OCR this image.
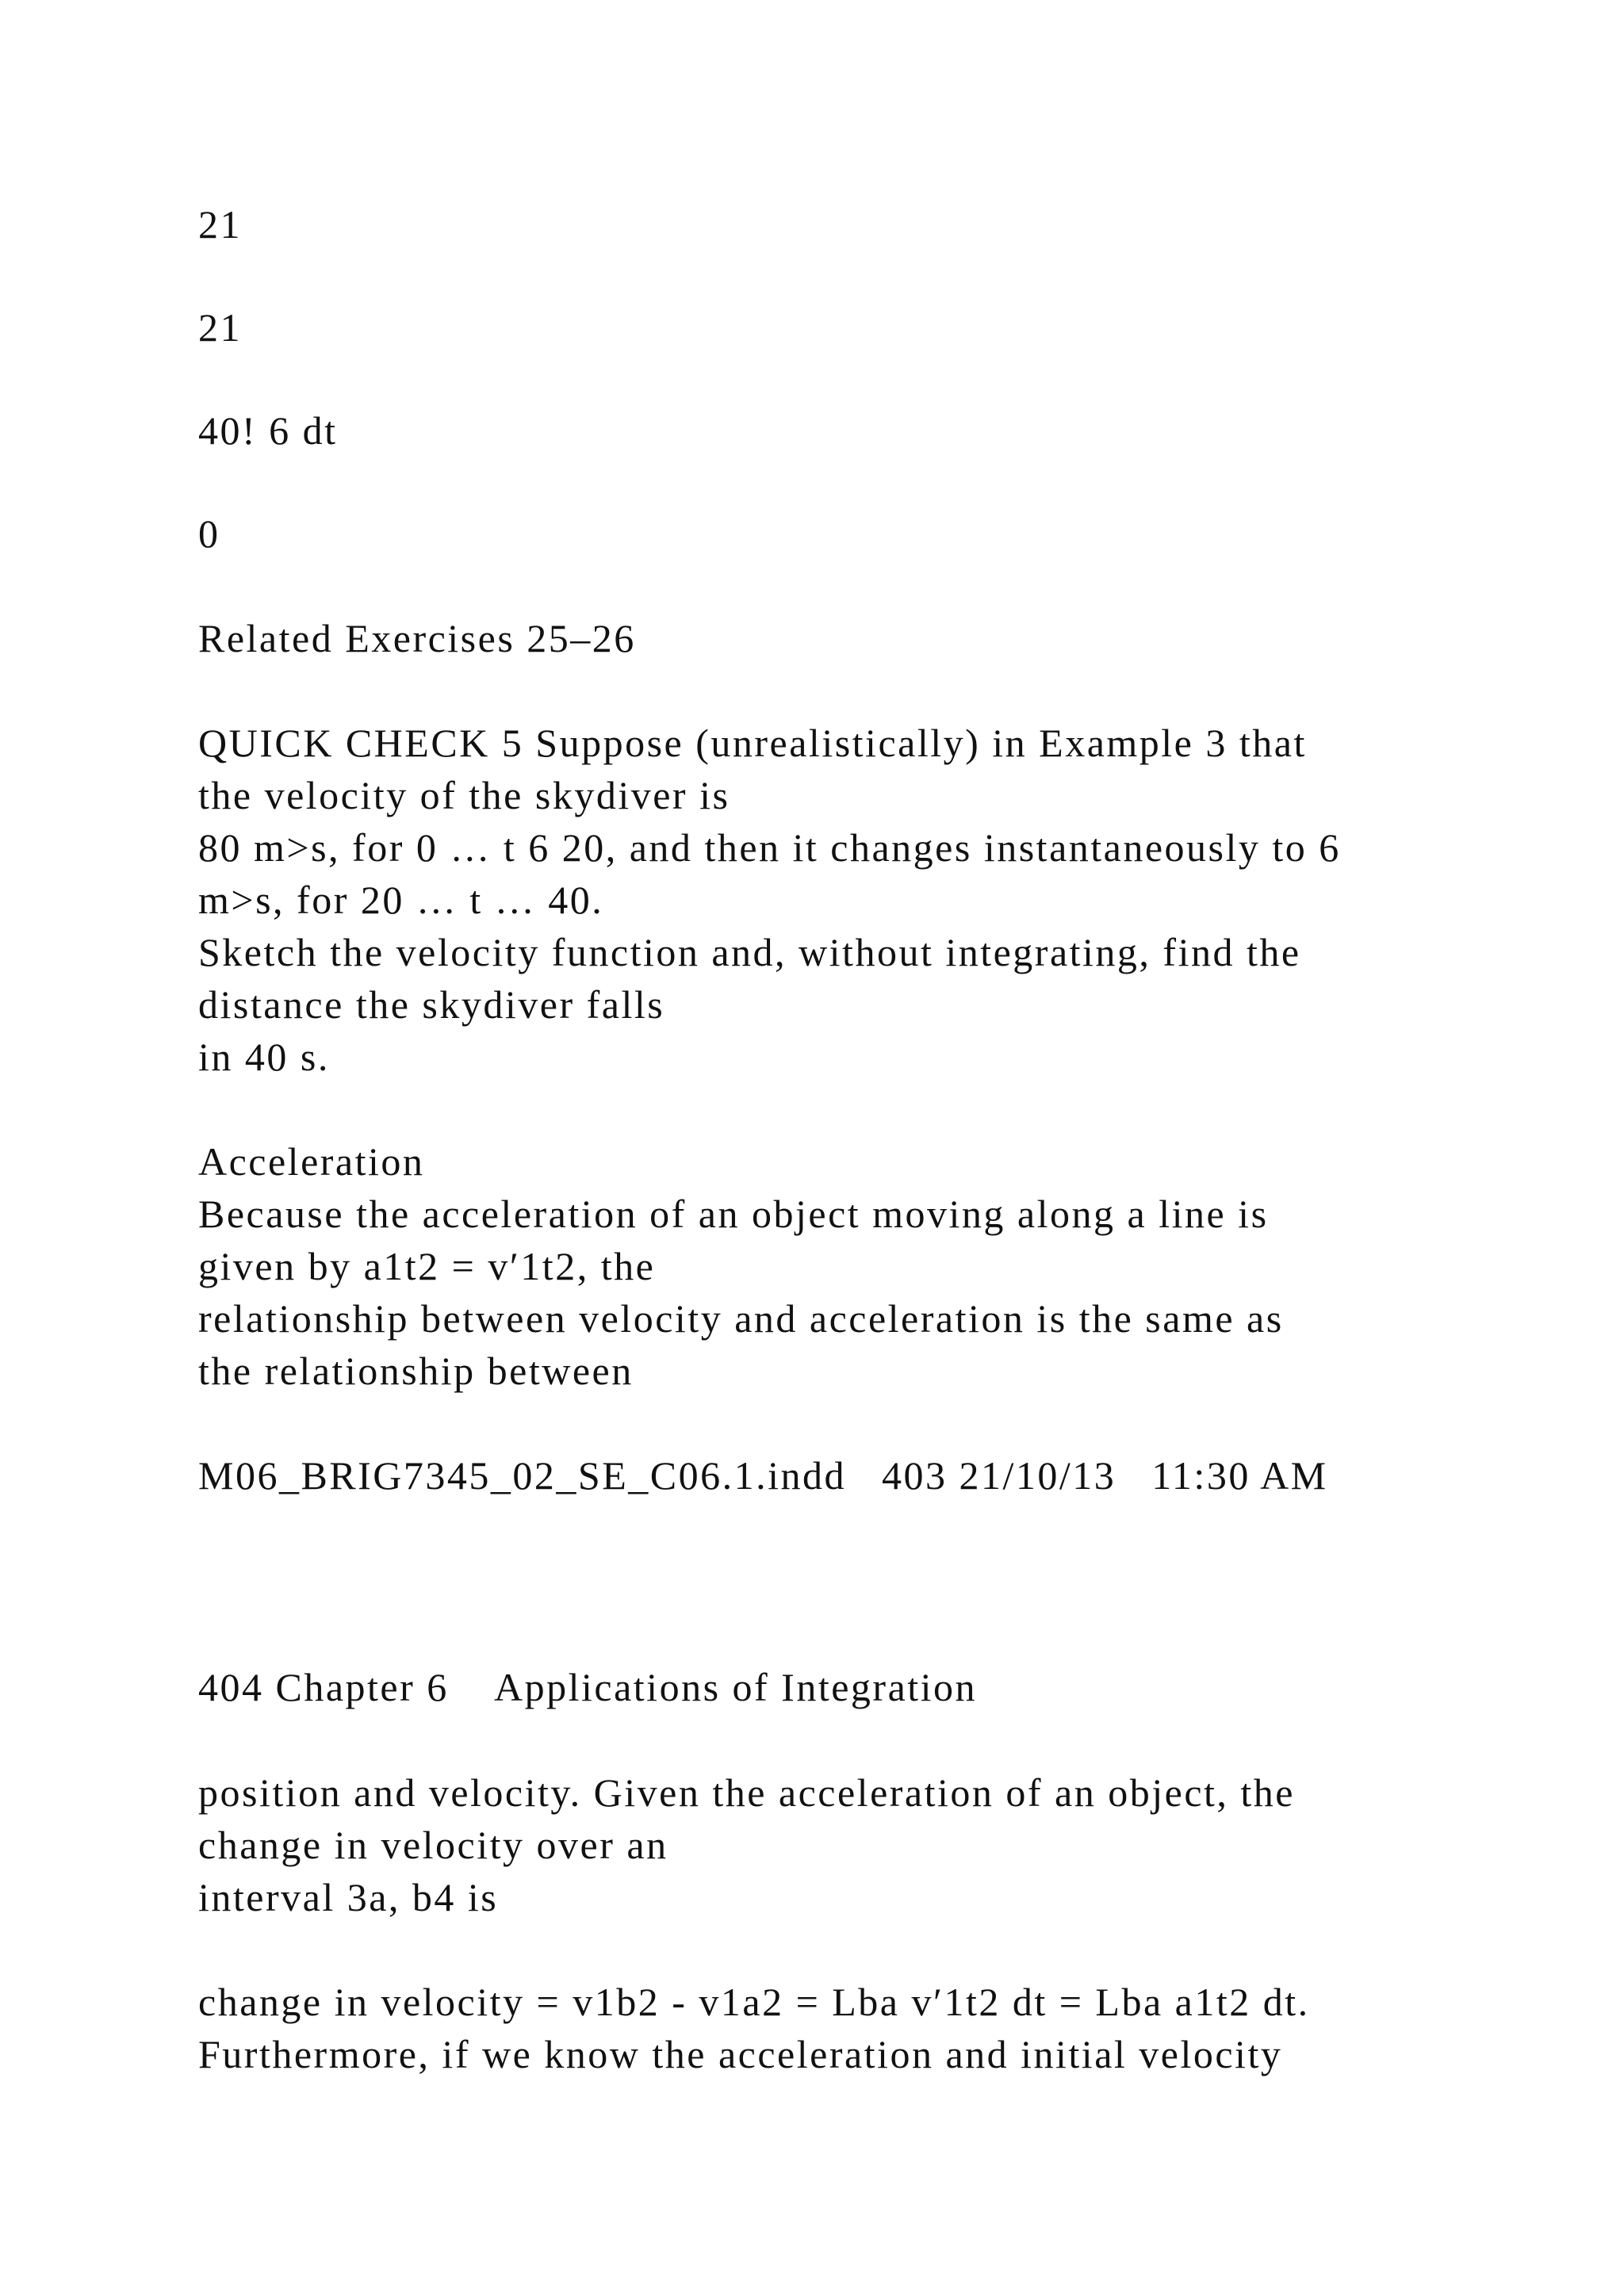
21
21
40! 6 dt
0
Related Exercises 25–26
QUICK CHECK 5 Suppose (unrealistically) in Example 3 that
the velocity of the skydiver is
80 m>s, for 0 … t 6 20, and then it changes instantaneously to 6
m>s, for 20 … t … 40.
Sketch the velocity function and, without integrating, find the
distance the skydiver falls
in 40 s.
Acceleration
Because the acceleration of an object moving along a line is
given by a1t2 = v′1t2, the
relationship between velocity and acceleration is the same as
the relationship between
M06_BRIG7345_02_SE_C06.1.indd   403 21/10/13   11:30 AM
404 Chapter 6    Applications of Integration
position and velocity. Given the acceleration of an object, the
change in velocity over an
interval 3a, b4 is
change in velocity = v1b2 - v1a2 = Lba v′1t2 dt = Lba a1t2 dt.
Furthermore, if we know the acceleration and initial velocity
